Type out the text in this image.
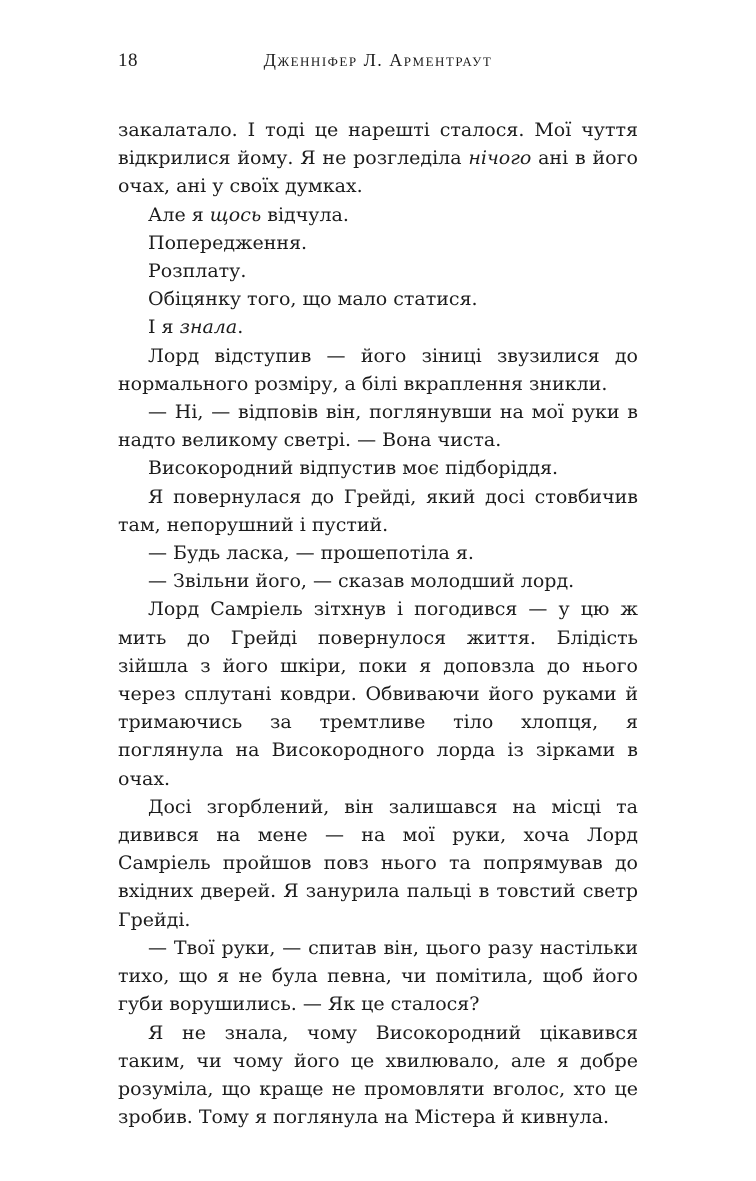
18	Дженніфер Л. Арментраут

закалатало. І тоді це нарешті сталося. Мої чуття відкрилися йому. Я не розгледіла нічого ані в його очах, ані у своїх думках.

Але я щось відчула.

Попередження.

Розплату.

Обіцянку того, що мало статися.

І я знала.

Лорд відступив — його зіниці звузилися до нормального розміру, а білі вкраплення зникли.

— Ні, — відповів він, поглянувши на мої руки в надто великому светрі. — Вона чиста.

Високородний відпустив моє підборіддя.

Я повернулася до Грейді, який досі стовбичив там, непорушний і пустий.

— Будь ласка, — прошепотіла я.

— Звільни його, — сказав молодший лорд.

Лорд Самріель зітхнув і погодився — у цю ж мить до Грейді повернулося життя. Блідість зійшла з його шкіри, поки я доповзла до нього через сплутані ковдри. Обвиваючи його руками й тримаючись за тремтливе тіло хлопця, я поглянула на Високородного лорда із зірками в очах.

Досі згорблений, він залишався на місці та дивився на мене — на мої руки, хоча Лорд Самріель пройшов повз нього та попрямував до вхідних дверей. Я занурила пальці в товстий светр Грейді.

— Твої руки, — спитав він, цього разу настільки тихо, що я не була певна, чи помітила, щоб його губи ворушились. — Як це сталося?

Я не знала, чому Високородний цікавився таким, чи чому його це хвилювало, але я добре розуміла, що краще не промовляти вголос, хто це зробив. Тому я поглянула на Містера й кивнула.
